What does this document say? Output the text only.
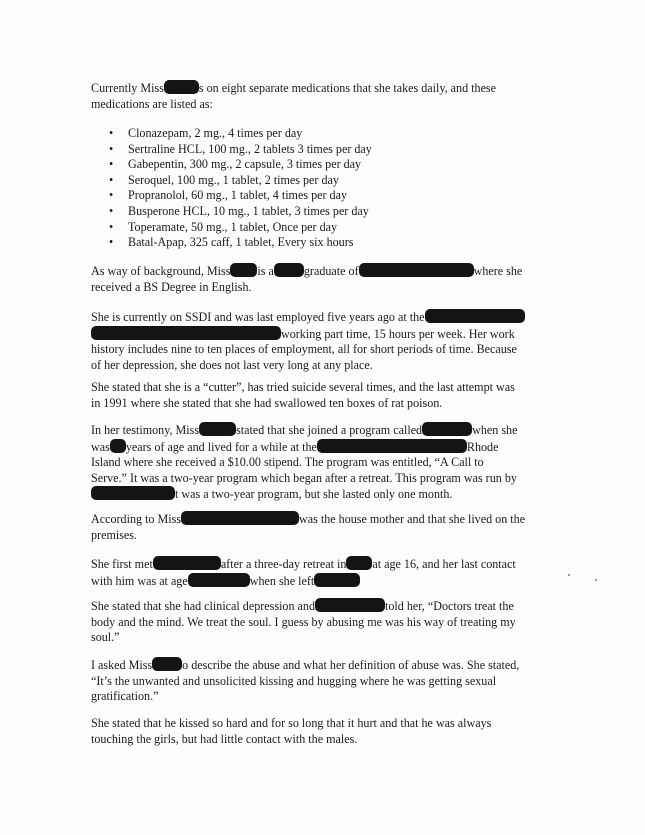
Currently Miss	s on eight separate medications that she takes daily, and these
medications are listed as:

• Clonazepam, 2 mg., 4 times per day
• Sertraline HCL, 100 mg., 2 tablets 3 times per day
• Gabepentin, 300 mg., 2 capsule, 3 times per day
• Seroquel, 100 mg., 1 tablet, 2 times per day
• Propranolol, 60 mg., 1 tablet, 4 times per day
• Busperone HCL, 10 mg., 1 tablet, 3 times per day
• Toperamate, 50 mg., 1 tablet, Once per day
• Batal-Apap, 325 caff, 1 tablet, Every six hours

As way of background, Miss is a graduate of	where she
received a BS Degree in English.

She is currently on SSDI and was last employed five years ago at the
working part time, 15 hours per week. Her work
history includes nine to ten places of employment, all for short periods of time. Because
of her depression, she does not last very long at any place.

She stated that she is a “cutter”, has tried suicide several times, and the last attempt was
in 1991 where she stated that she had swallowed ten boxes of rat poison.

In her testimony, Miss	stated that she joined a program called	when she
was years of age and lived for a while at the	Rhode
Island where she received a $10.00 stipend. The program was entitled, “A Call to
Serve.” It was a two-year program which began after a retreat. This program was run by
t was a two-year program, but she lasted only one month.

According to Miss	was the house mother and that she lived on the
premises.

She first met	after a three-day retreat in at age 16, and her last contact
with him was at age	when she left

She stated that she had clinical depression and	told her, “Doctors treat the
body and the mind. We treat the soul. I guess by abusing me was his way of treating my
soul.”

I asked Miss o describe the abuse and what her definition of abuse was. She stated,
“It’s the unwanted and unsolicited kissing and hugging where he was getting sexual
gratification.”

She stated that he kissed so hard and for so long that it hurt and that he was always
touching the girls, but had little contact with the males.
